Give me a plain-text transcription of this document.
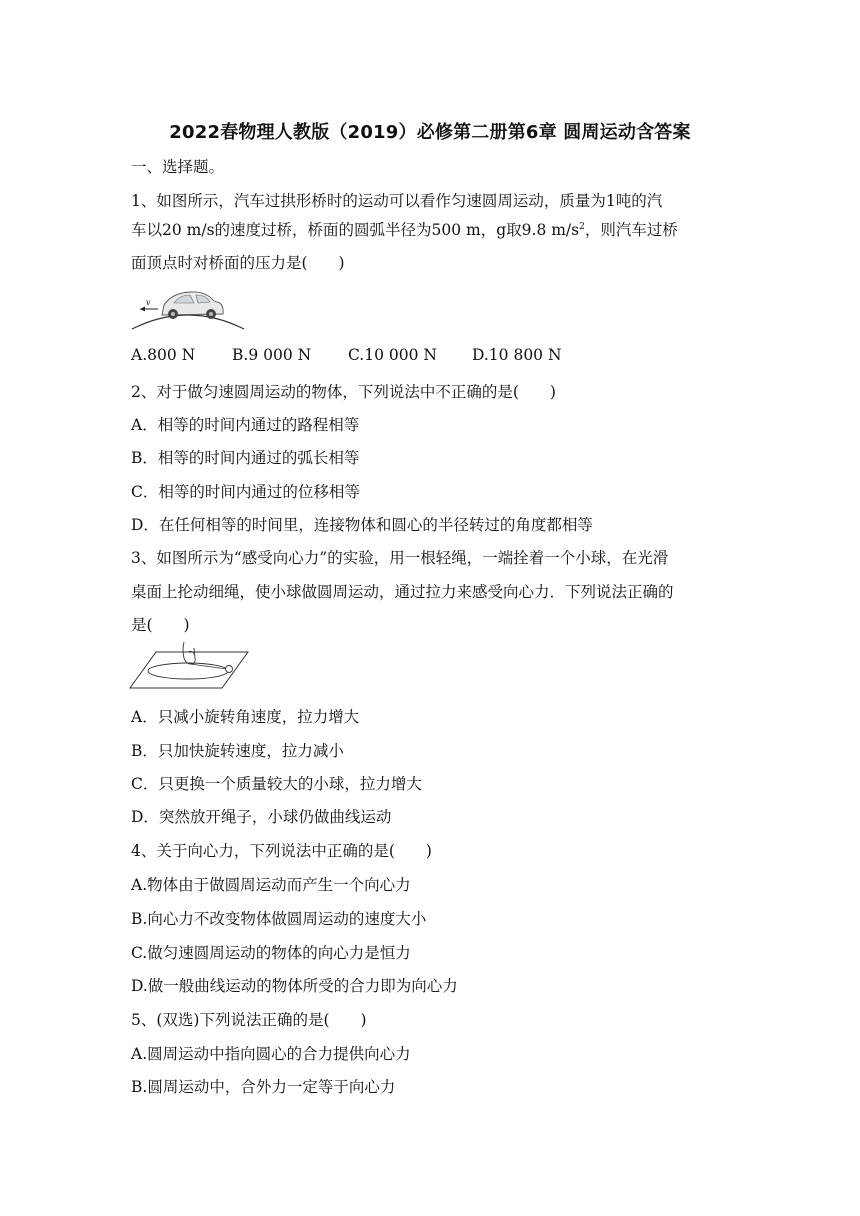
2022春物理人教版（2019）必修第二册第6章 圆周运动含答案
一、选择题。
1、如图所示，汽车过拱形桥时的运动可以看作匀速圆周运动，质量为1吨的汽
车以20 m/s的速度过桥，桥面的圆弧半径为500 m，g取9.8 $m/s^2$，则汽车过桥
面顶点时对桥面的压力是(　　)
v
A.800 N B.9 000 N C.10 000 N D.10 800 N
2、对于做匀速圆周运动的物体，下列说法中不正确的是(　　)
A．相等的时间内通过的路程相等
B．相等的时间内通过的弧长相等
C．相等的时间内通过的位移相等
D．在任何相等的时间里，连接物体和圆心的半径转过的角度都相等
3、如图所示为“感受向心力”的实验，用一根轻绳，一端拴着一个小球，在光滑
桌面上抡动细绳，使小球做圆周运动，通过拉力来感受向心力．下列说法正确的
是(　　)
A．只减小旋转角速度，拉力增大
B．只加快旋转速度，拉力减小
C．只更换一个质量较大的小球，拉力增大
D．突然放开绳子，小球仍做曲线运动
4、关于向心力，下列说法中正确的是(　　)
A.物体由于做圆周运动而产生一个向心力
B.向心力不改变物体做圆周运动的速度大小
C.做匀速圆周运动的物体的向心力是恒力
D.做一般曲线运动的物体所受的合力即为向心力
5、(双选)下列说法正确的是(　　)
A.圆周运动中指向圆心的合力提供向心力
B.圆周运动中，合外力一定等于向心力
